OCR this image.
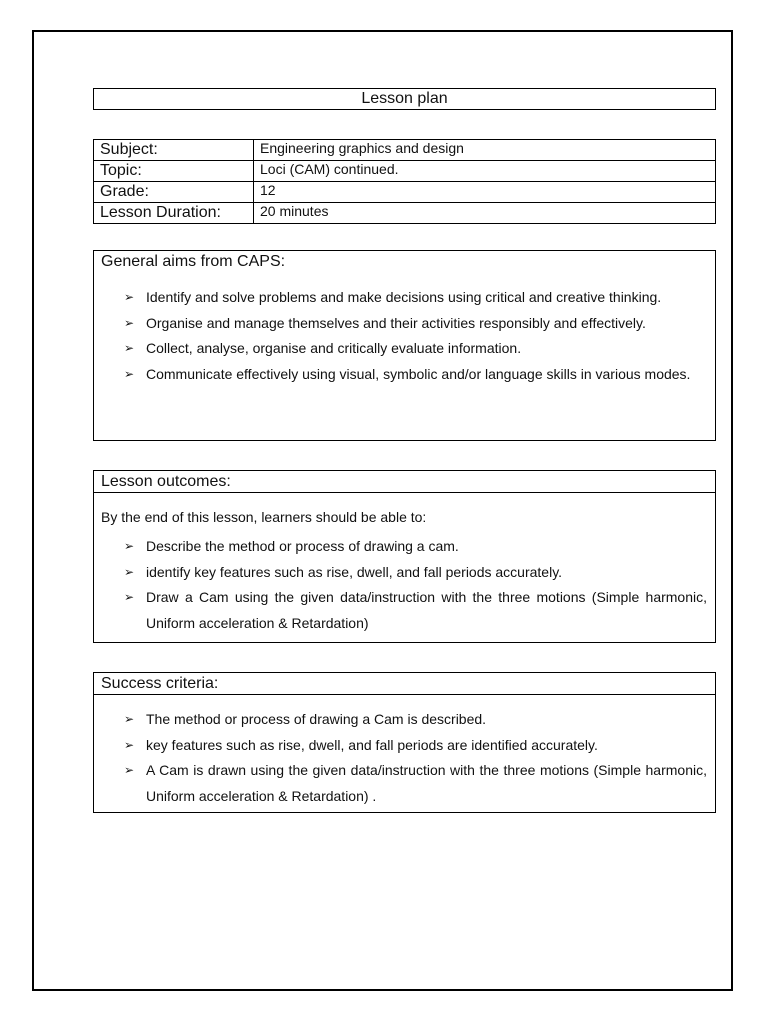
Lesson plan
Subject:	Engineering graphics and design
Topic:	Loci (CAM) continued.
Grade:	12
Lesson Duration:	20 minutes
General aims from CAPS:
➢ Identify and solve problems and make decisions using critical and creative thinking.
➢ Organise and manage themselves and their activities responsibly and effectively.
➢ Collect, analyse, organise and critically evaluate information.
➢ Communicate effectively using visual, symbolic and/or language skills in various modes.
Lesson outcomes:
By the end of this lesson, learners should be able to:
➢ Describe the method or process of drawing a cam.
➢ identify key features such as rise, dwell, and fall periods accurately.
➢ Draw a Cam using the given data/instruction with the three motions (Simple harmonic, Uniform acceleration & Retardation)
Success criteria:
➢ The method or process of drawing a Cam is described.
➢ key features such as rise, dwell, and fall periods are identified accurately.
➢ A Cam is drawn using the given data/instruction with the three motions (Simple harmonic, Uniform acceleration & Retardation) .
